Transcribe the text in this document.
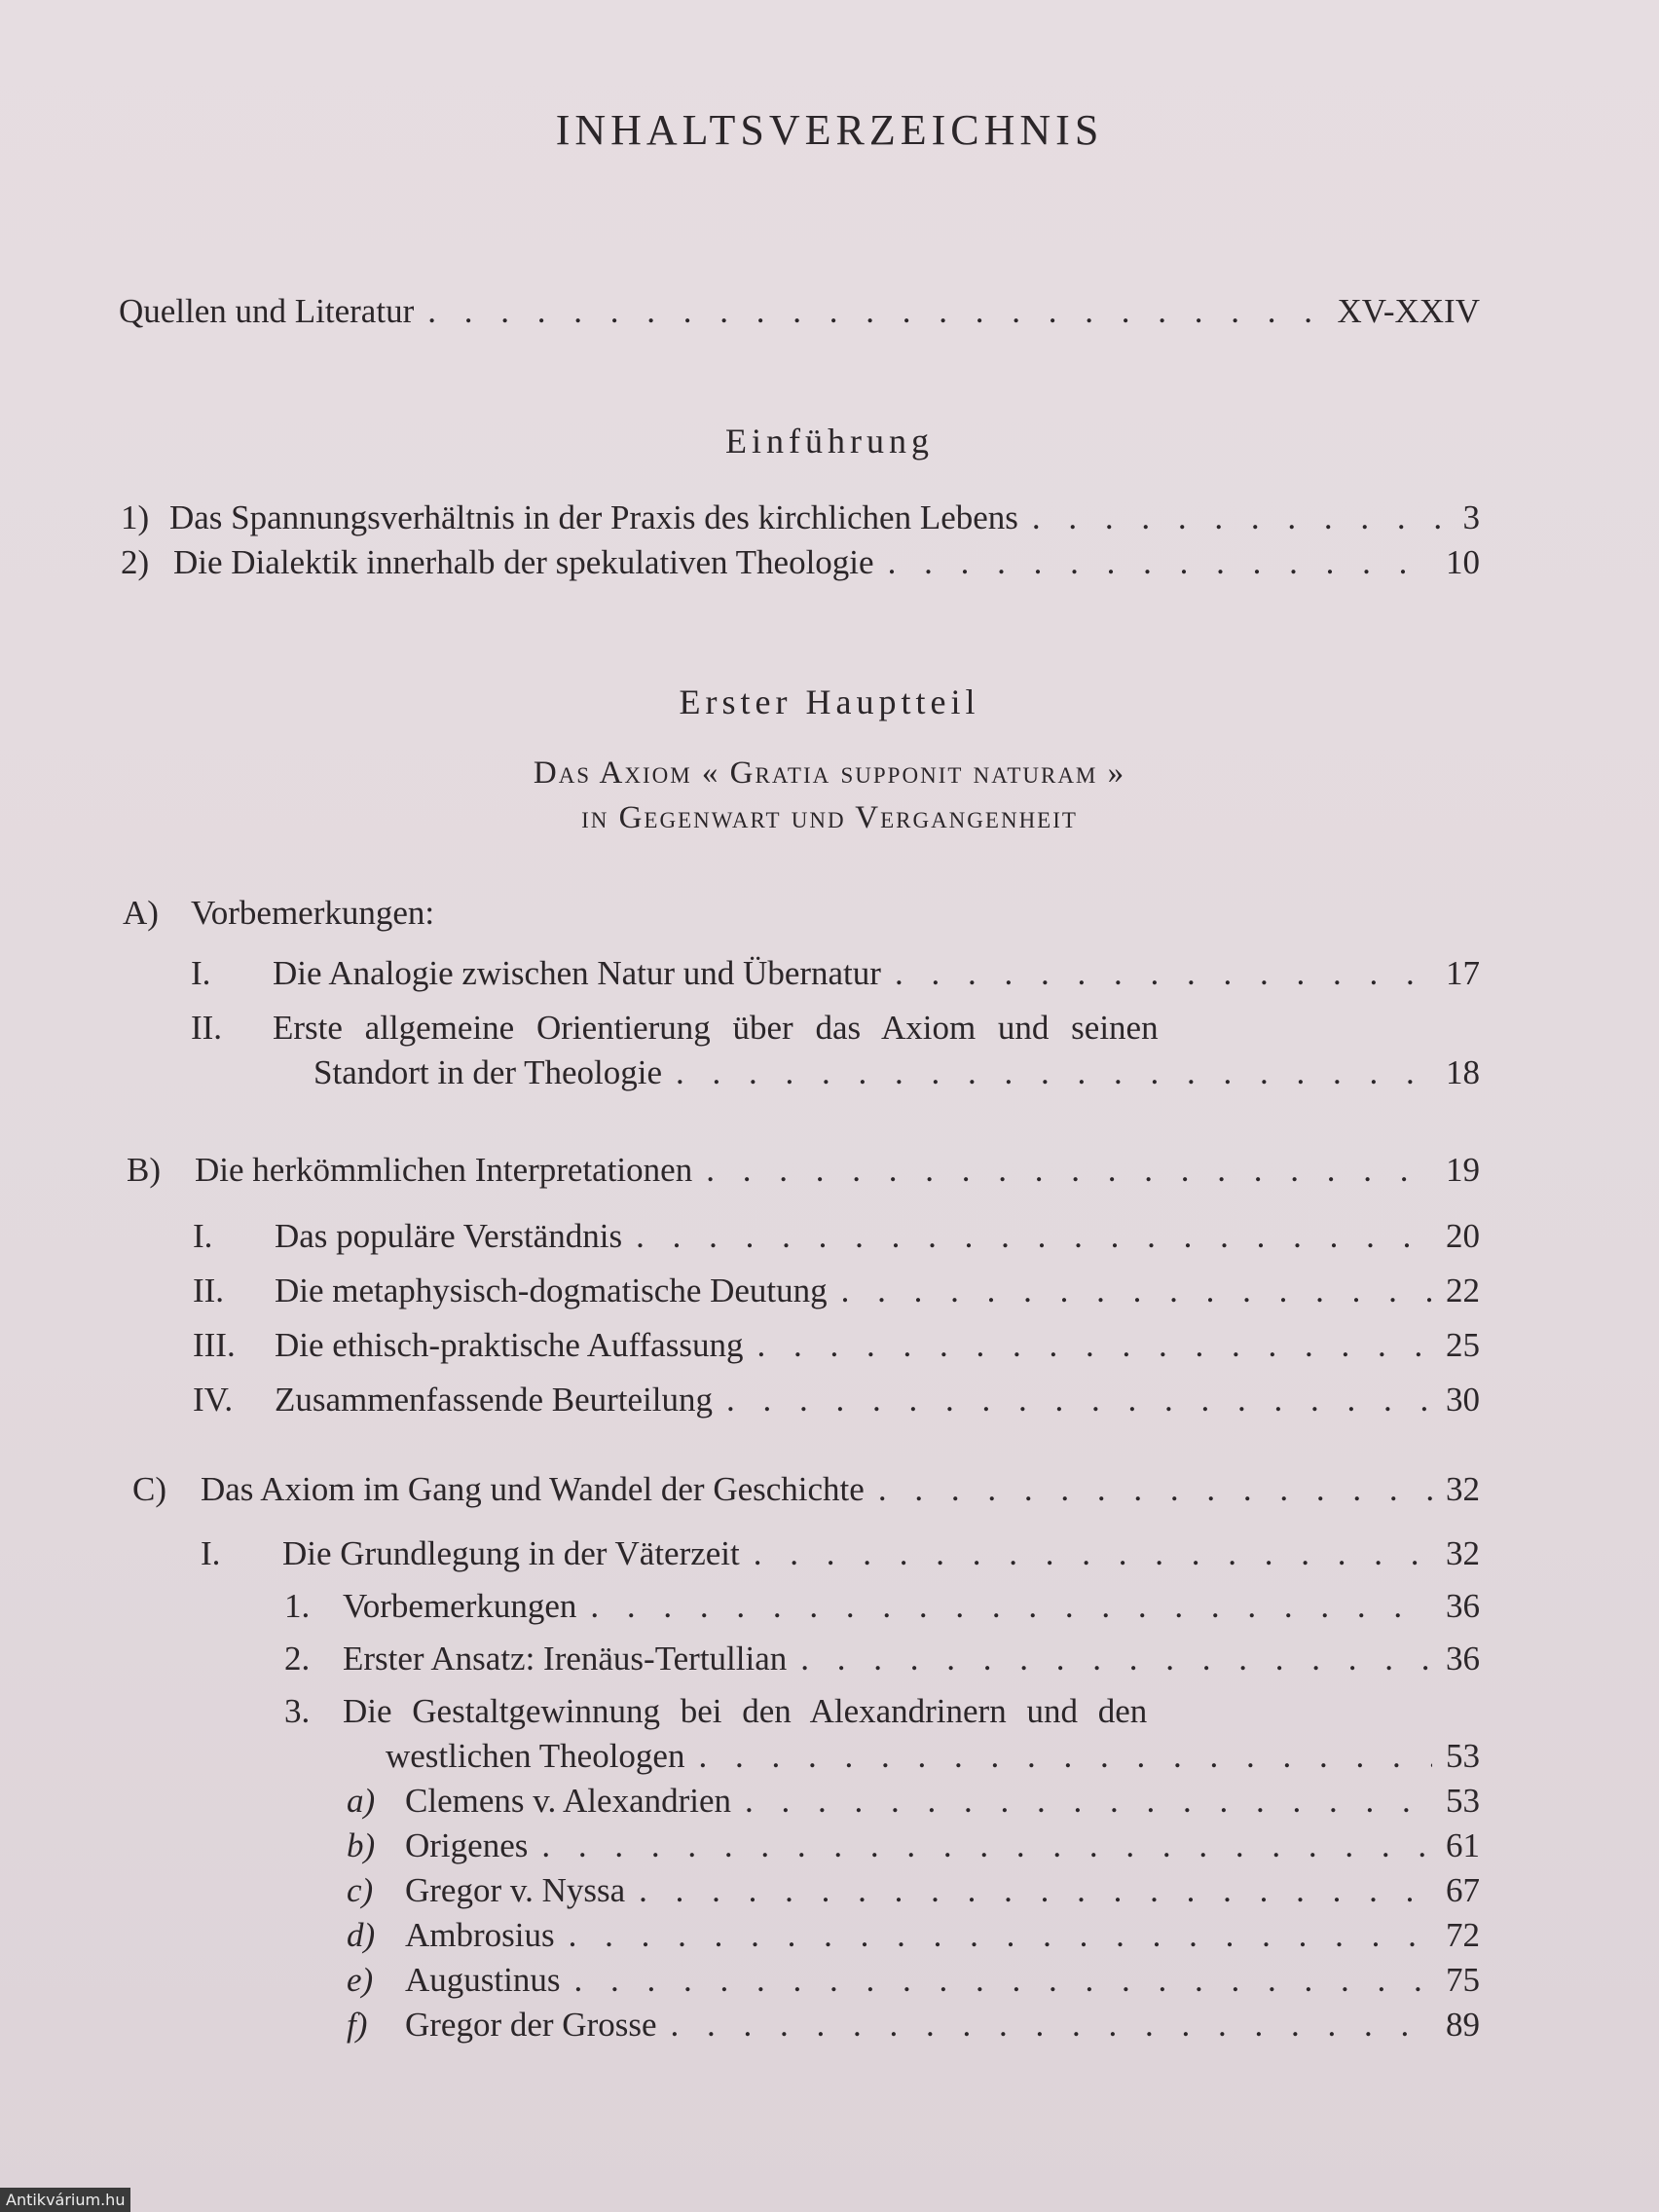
INHALTSVERZEICHNIS
Quellen und Literatur . . .	XV-XXIV
Einführung
1) Das Spannungsverhältnis in der Praxis des kirchlichen Lebens . . .	3
2) Die Dialektik innerhalb der spekulativen Theologie . . .	10
Erster Hauptteil
Das Axiom « Gratia supponit naturam »
in Gegenwart und Vergangenheit
A) Vorbemerkungen:
I.	Die Analogie zwischen Natur und Übernatur . . .	17
II. Erste allgemeine Orientierung über das Axiom und seinen
Standort in der Theologie . . .	18
B)	Die herkömmlichen Interpretationen . . .	19
I.	Das populäre Verständnis . . .	20
II.	Die metaphysisch-dogmatische Deutung . . .	22
III.	Die ethisch-praktische Auffassung . . .	25
IV.	Zusammenfassende Beurteilung . . .	30
C)	Das Axiom im Gang und Wandel der Geschichte . . .	32
I.	Die Grundlegung in der Väterzeit . . .	32
1. Vorbemerkungen . . .	36
2. Erster Ansatz: Irenäus-Tertullian . . .	36
3. Die Gestaltgewinnung bei den Alexandrinern und den
westlichen Theologen . . .	53
a) Clemens v. Alexandrien . . .	53
b) Origenes . . .	61
c) Gregor v. Nyssa . . .	67
d) Ambrosius . . .	72
e) Augustinus . . .	75
f)	Gregor der Grosse . . .	89
Antikvárium.hu
